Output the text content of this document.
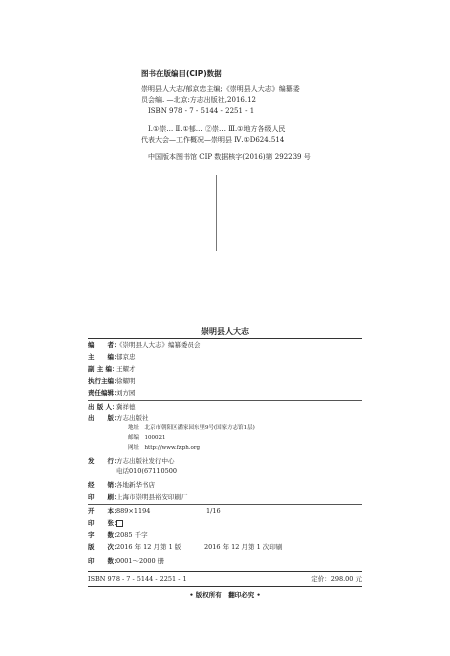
图书在版编目(CIP)数据
崇明县人大志/郁京忠主编;《崇明县人大志》编纂委
员会编. —北京:方志出版社,2016.12
ISBN 978 - 7 - 5144 - 2251 - 1
Ⅰ.①崇… Ⅱ.①郁… ②崇… Ⅲ.①地方各级人民
代表大会—工作概况—崇明县 Ⅳ.①D624.514
中国版本图书馆 CIP 数据核字(2016)第 292239 号
崇明县人大志
编　　者：
《崇明县人大志》编纂委员会
主　　编：
郁京忠
副 主 编：
王耀才
执行主编：
徐耀明
责任编辑：
刘方园
出 版 人：
冀祥德
出　　版：
方志出版社
地址　北京市朝阳区潘家园东里9号(国家方志馆1层)
邮编　100021
网址　http://www.fzph.org
发　　行：
方志出版社发行中心
电话010(67110500
经　　销：
各地新华书店
印　　刷：
上海市崇明县裕安印刷厂
开　　本：
889×1194	1/16
印　　张：
字　　数：
2085 千字
版　　次：
2016 年 12 月第 1 版	2016 年 12 月第 1 次印刷
印　　数：
0001～2000 册
ISBN 978 - 7 - 5144 - 2251 - 1	定价：298.00 元
• 版权所有　翻印必究 •
